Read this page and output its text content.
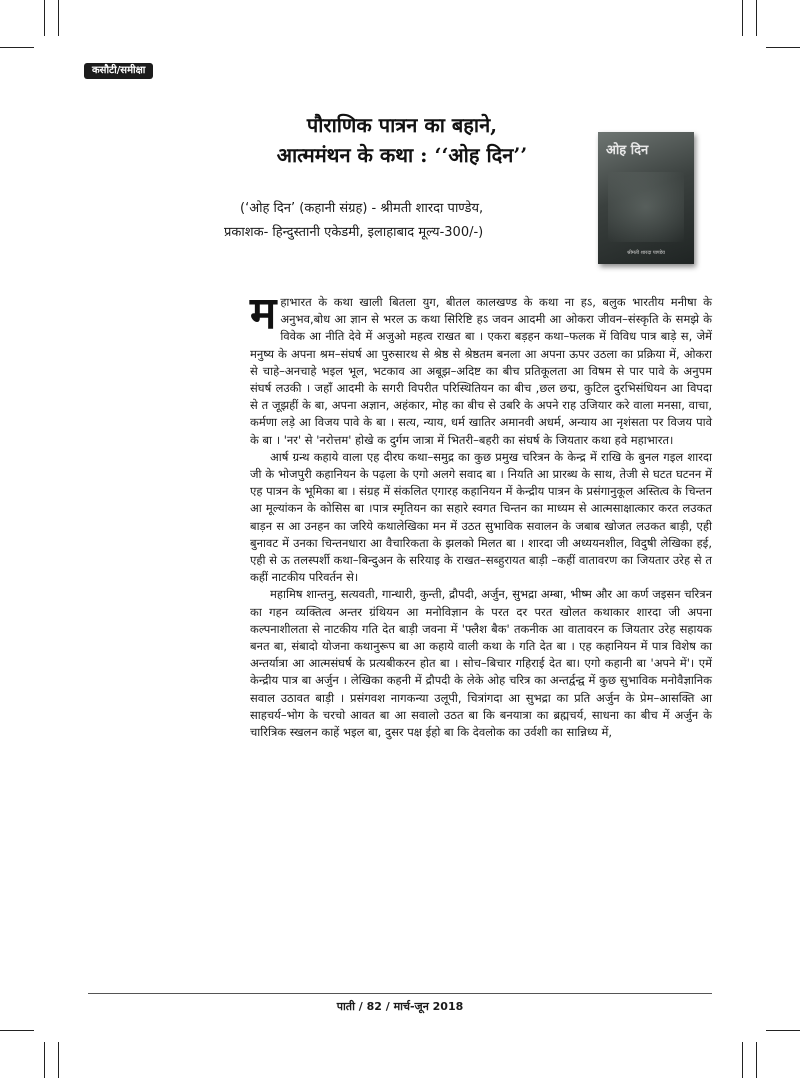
कसौटी/समीक्षा
पौराणिक पात्रन का बहाने,
आत्ममंथन के कथा : ‘‘ओह दिन’’
(‘ओह दिन’ (कहानी संग्रह) - श्रीमती शारदा पाण्डेय,
प्रकाशक- हिन्दुस्तानी एकेडमी, इलाहाबाद मूल्य-300/-)
ओह दिन
श्रीमती शारदा पाण्डेय

महाभारत के कथा खाली बितला युग, बीतल कालखण्ड के कथा ना हऽ, बलुक भारतीय मनीषा के अनुभव,बोध आ ज्ञान से भरल ऊ कथा सिरिष्टि हऽ जवन आदमी आ ओकरा जीवन–संस्कृति के समझे के विवेक आ नीति देवे में अजुओ महत्व राखत बा । एकरा बड़हन कथा–फलक में विविध पात्र बाड़े स, जेमें मनुष्य के अपना श्रम–संघर्ष आ पुरुसारथ से श्रेष्ठ से श्रेष्ठतम बनला आ अपना ऊपर उठला का प्रक्रिया में, ओकरा से चाहे–अनचाहे भइल भूल, भटकाव आ अबूझ–अदिष्ट का बीच प्रतिकूलता आ विषम से पार पावे के अनुपम संघर्ष लउकी । जहाँ आदमी के सगरी विपरीत परिस्थितियन का बीच ,छल छद्म, कुटिल दुरभिसंधियन आ विपदा से त जूझहीं के बा, अपना अज्ञान, अहंकार, मोह का बीच से उबरि के अपने राह उजियार करे वाला मनसा, वाचा, कर्मणा लड़े आ विजय पावे के बा । सत्य, न्याय, धर्म खातिर अमानवी अधर्म, अन्याय आ नृशंसता पर विजय पावे के बा । 'नर' से 'नरोत्तम' होखे क दुर्गम जात्रा में भितरी–बहरी का संघर्ष के जियतार कथा हवे महाभारत।

आर्ष ग्रन्थ कहाये वाला एह दीरघ कथा–समुद्र का कुछ प्रमुख चरित्रन के केन्द्र में राखि के बुनल गइल शारदा जी के भोजपुरी कहानियन के पढ़ला के एगो अलगे सवाद बा । नियति आ प्रारब्ध के साथ, तेजी से घटत घटनन में एह पात्रन के भूमिका बा । संग्रह में संकलित एगारह कहानियन में केन्द्रीय पात्रन के प्रसंगानुकूल अस्तित्व के चिन्तन आ मूल्यांकन के कोसिस बा ।पात्र स्मृतियन का सहारे स्वगत चिन्तन का माध्यम से आत्मसाक्षात्कार करत लउकत बाड़न स आ उनहन का जरिये कथालेखिका मन में उठत सुभाविक सवालन के जबाब खोजत लउकत बाड़ी, एही बुनावट में उनका चिन्तनधारा आ वैचारिकता के झलको मिलत बा । शारदा जी अध्ययनशील, विदुषी लेखिका हई, एही से ऊ तलस्पर्शी कथा–बिन्दुअन के सरियाइ के राखत–सब्हुरायत बाड़ी –कहीं वातावरण का जियतार उरेह से त कहीं नाटकीय परिवर्तन से।

महामिष शान्तनु, सत्यवती, गान्धारी, कुन्ती, द्रौपदी, अर्जुन, सुभद्रा अम्बा, भीष्म और आ कर्ण जइसन चरित्रन का गहन व्यक्तित्व अन्तर ग्रंथियन आ मनोविज्ञान के परत दर परत खोलत कथाकार शारदा जी अपना कल्पनाशीलता से नाटकीय गति देत बाड़ी जवना में 'फ्लैश बैक' तकनीक आ वातावरन क जियतार उरेह सहायक बनत बा, संबादो योजना कथानुरूप बा आ कहाये वाली कथा के गति देत बा । एह कहानियन में पात्र विशेष का अन्तर्यात्रा आ आत्मसंघर्ष के प्रत्यबीकरन होत बा । सोच–बिचार गहिराई देत बा। एगो कहानी बा 'अपने में'। एमें केन्द्रीय पात्र बा अर्जुन । लेखिका कहनी में द्रौपदी के लेके ओह चरित्र का अन्तर्द्वन्द्व में कुछ सुभाविक मनोवैज्ञानिक सवाल उठावत बाड़ी । प्रसंगवश नागकन्या उलूपी, चित्रांगदा आ सुभद्रा का प्रति अर्जुन के प्रेम–आसक्ति आ साहचर्य–भोग के चरचो आवत बा आ सवालो उठत बा कि बनयात्रा का ब्रह्मचर्य, साधना का बीच में अर्जुन के चारित्रिक स्खलन काहें भइल बा, दुसर पक्ष ईहो बा कि देवलोक का उर्वशी का सान्निध्य में,

पाती / 82 / मार्च-जून 2018
